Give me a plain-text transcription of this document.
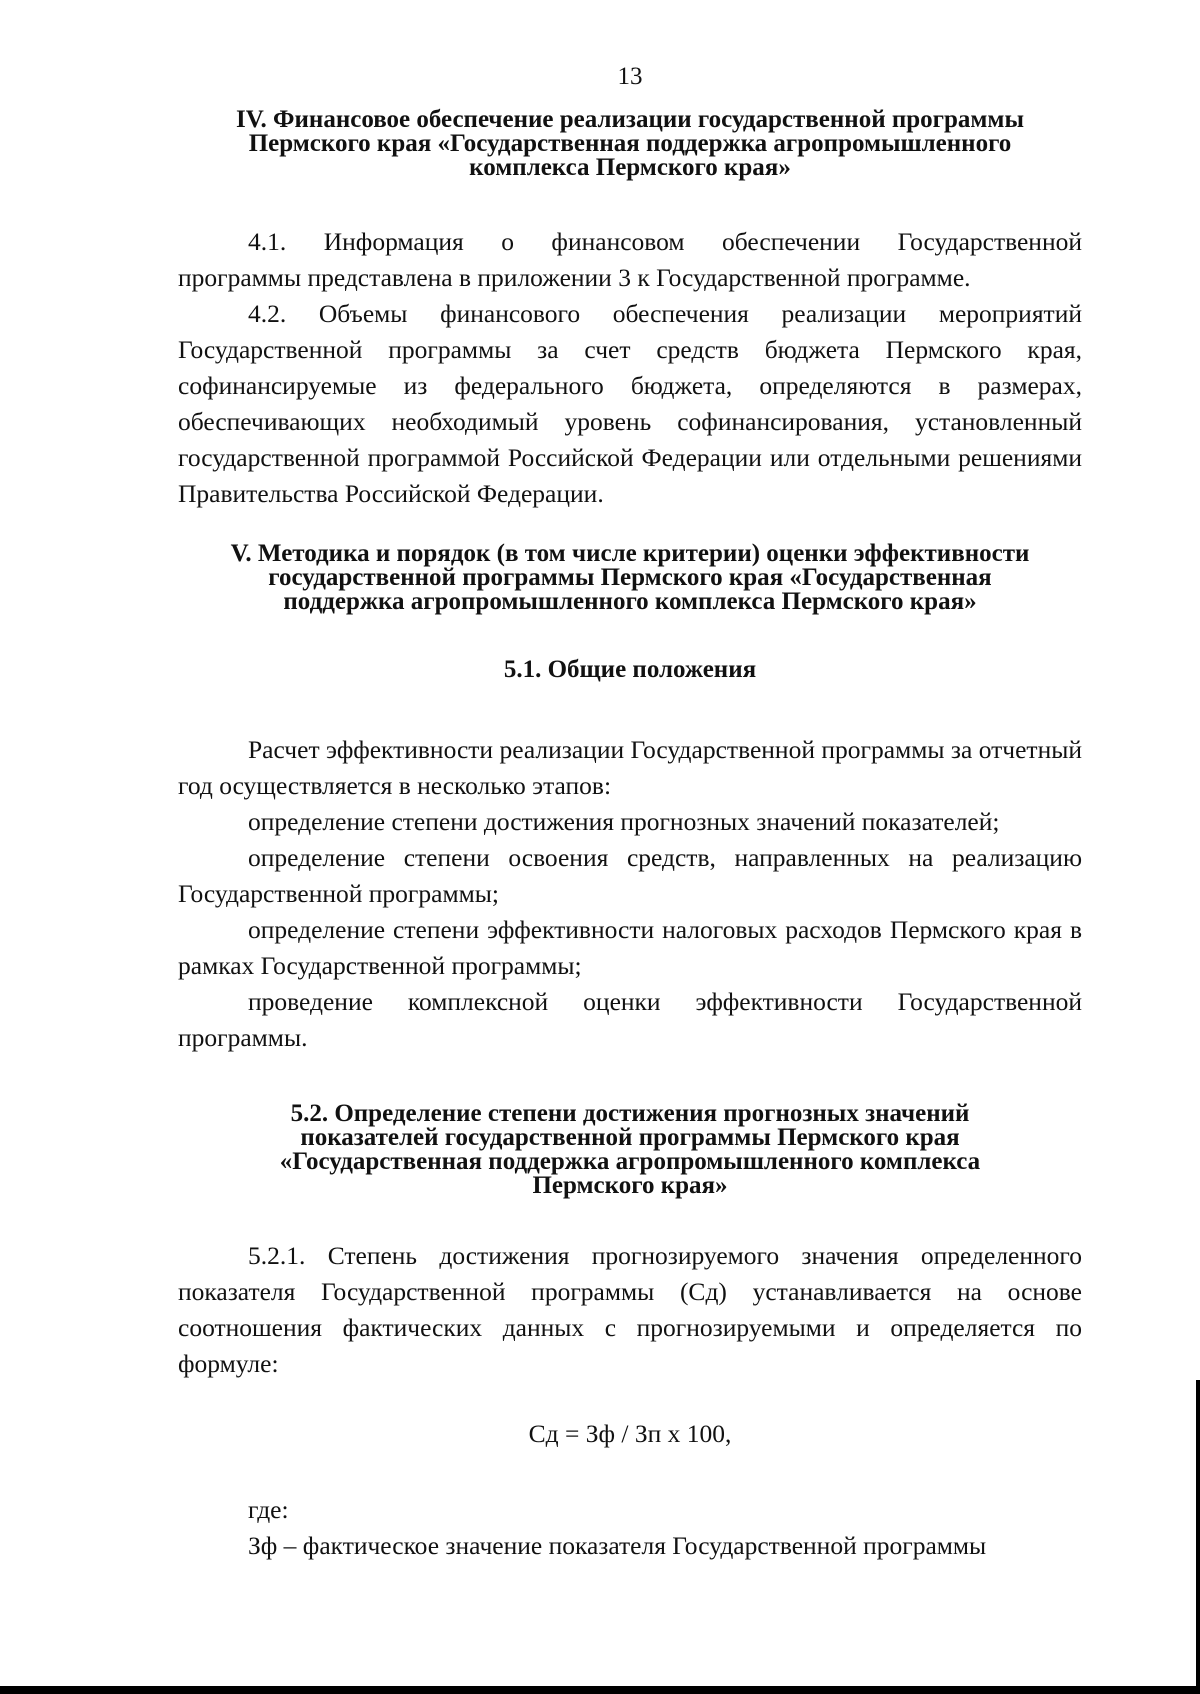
13
IV. Финансовое обеспечение реализации государственной программы
Пермского края «Государственная поддержка агропромышленного
комплекса Пермского края»

4.1. Информация о финансовом обеспечении Государственной

программы представлена в приложении 3 к Государственной программе.

4.2. Объемы финансового обеспечения реализации мероприятий Государственной программы за счет средств бюджета Пермского края, софинансируемые из федерального бюджета, определяются в размерах, обеспечивающих необходимый уровень софинансирования, установленный государственной программой Российской Федерации или отдельными решениями Правительства Российской Федерации.

V. Методика и порядок (в том числе критерии) оценки эффективности
государственной программы Пермского края «Государственная
поддержка агропромышленного комплекса Пермского края»
5.1. Общие положения

Расчет эффективности реализации Государственной программы за отчетный год осуществляется в несколько этапов:

определение степени достижения прогнозных значений показателей;

определение степени освоения средств, направленных на реализацию Государственной программы;

определение степени эффективности налоговых расходов Пермского края в рамках Государственной программы;

проведение комплексной оценки эффективности Государственной программы.

5.2. Определение степени достижения прогнозных значений
показателей государственной программы Пермского края
«Государственная поддержка агропромышленного комплекса
Пермского края»

5.2.1. Степень достижения прогнозируемого значения определенного показателя Государственной программы (Сд) устанавливается на основе соотношения фактических данных с прогнозируемыми и определяется по формуле:

Сд = Зф / Зп х 100,

где:

Зф – фактическое значение показателя Государственной программы
